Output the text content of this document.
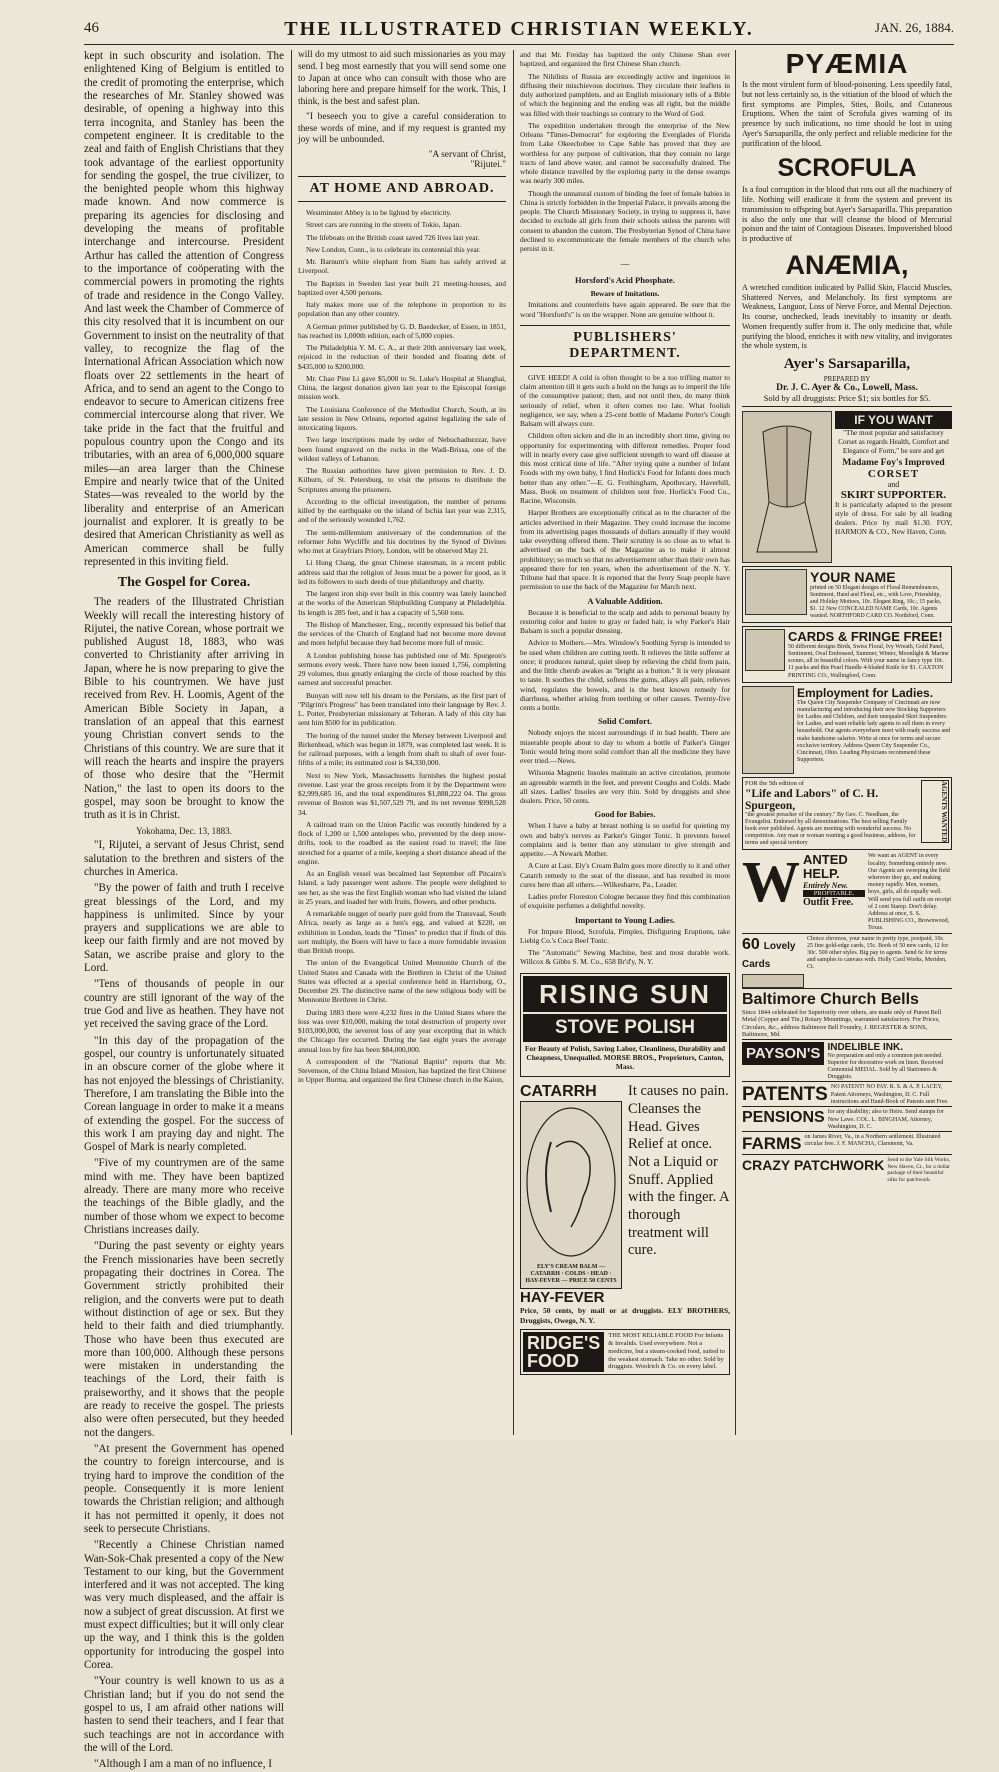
46	THE ILLUSTRATED CHRISTIAN WEEKLY.	JAN. 26, 1884.

kept in such obscurity and isolation. The enlightened King of Belgium is entitled to the credit of promoting the enterprise, which the researches of Mr. Stanley showed was desirable, of opening a highway into this terra incognita, and Stanley has been the competent engineer. It is creditable to the zeal and faith of English Christians that they took advantage of the earliest opportunity for sending the gospel, the true civilizer, to the benighted people whom this highway made known. And now commerce is preparing its agencies for disclosing and developing the means of profitable interchange and intercourse. President Arthur has called the attention of Congress to the importance of coöperating with the commercial powers in promoting the rights of trade and residence in the Congo Valley. And last week the Chamber of Commerce of this city resolved that it is incumbent on our Government to insist on the neutrality of that valley, to recognize the flag of the International African Association which now floats over 22 settlements in the heart of Africa, and to send an agent to the Congo to endeavor to secure to American citizens free commercial intercourse along that river. We take pride in the fact that the fruitful and populous country upon the Congo and its tributaries, with an area of 6,000,000 square miles—an area larger than the Chinese Empire and nearly twice that of the United States—was revealed to the world by the liberality and enterprise of an American journalist and explorer. It is greatly to be desired that American Christianity as well as American commerce shall be fully represented in this inviting field.

The Gospel for Corea.

The readers of the Illustrated Christian Weekly will recall the interesting history of Rijutei, the native Corean, whose portrait we published August 18, 1883, who was converted to Christianity after arriving in Japan, where he is now preparing to give the Bible to his countrymen. We have just received from Rev. H. Loomis, Agent of the American Bible Society in Japan, a translation of an appeal that this earnest young Christian convert sends to the Christians of this country. We are sure that it will reach the hearts and inspire the prayers of those who desire that the "Hermit Nation," the last to open its doors to the gospel, may soon be brought to know the truth as it is in Christ.

Yokohama, Dec. 13, 1883.

"I, Rijutei, a servant of Jesus Christ, send salutation to the brethren and sisters of the churches in America.

"By the power of faith and truth I receive great blessings of the Lord, and my happiness is unlimited. Since by your prayers and supplications we are able to keep our faith firmly and are not moved by Satan, we ascribe praise and glory to the Lord.

"Tens of thousands of people in our country are still ignorant of the way of the true God and live as heathen. They have not yet received the saving grace of the Lord.

"In this day of the propagation of the gospel, our country is unfortunately situated in an obscure corner of the globe where it has not enjoyed the blessings of Christianity. Therefore, I am translating the Bible into the Corean language in order to make it a means of extending the gospel. For the success of this work I am praying day and night. The Gospel of Mark is nearly completed.

"Five of my countrymen are of the same mind with me. They have been baptized already. There are many more who receive the teachings of the Bible gladly, and the number of those whom we expect to become Christians increases daily.

"During the past seventy or eighty years the French missionaries have been secretly propagating their doctrines in Corea. The Government strictly prohibited their religion, and the converts were put to death without distinction of age or sex. But they held to their faith and died triumphantly. Those who have been thus executed are more than 100,000. Although these persons were mistaken in understanding the teachings of the Lord, their faith is praiseworthy, and it shows that the people are ready to receive the gospel. The priests also were often persecuted, but they heeded not the dangers.

"At present the Government has opened the country to foreign intercourse, and is trying hard to improve the condition of the people. Consequently it is more lenient towards the Christian religion; and although it has not permitted it openly, it does not seek to persecute Christians.

"Recently a Chinese Christian named Wan-Sok-Chak presented a copy of the New Testament to our king, but the Government interfered and it was not accepted. The king was very much displeased, and the affair is now a subject of great discussion. At first we must expect difficulties; but it will only clear up the way, and I think this is the golden opportunity for introducing the gospel into Corea.

"Your country is well known to us as a Christian land; but if you do not send the gospel to us, I am afraid other nations will hasten to send their teachers, and I fear that such teachings are not in accordance with the will of the Lord.

"Although I am a man of no influence, I

will do my utmost to aid such missionaries as you may send. I beg most earnestly that you will send some one to Japan at once who can consult with those who are laboring here and prepare himself for the work. This, I think, is the best and safest plan.

"I beseech you to give a careful consideration to these words of mine, and if my request is granted my joy will be unbounded.

"A servant of Christ,
"Rijutei."
AT HOME AND ABROAD.

Westminster Abbey is to be lighted by electricity.

Street cars are running in the streets of Tokio, Japan.

The lifeboats on the British coast saved 726 lives last year.

New London, Conn., is to celebrate its centennial this year.

Mr. Barnum's white elephant from Siam has safely arrived at Liverpool.

The Baptists in Sweden last year built 21 meeting-houses, and baptized over 4,500 persons.

Italy makes more use of the telephone in proportion to its population than any other country.

A German primer published by G. D. Baedecker, of Essen, in 1851, has reached its 1,000th edition, each of 5,000 copies.

The Philadelphia Y. M. C. A., at their 20th anniversary last week, rejoiced in the reduction of their bonded and floating debt of $435,000 to $200,000.

Mr. Chao Pine Li gave $5,000 to St. Luke's Hospital at Shanghai, China, the largest donation given last year to the Episcopal foreign mission work.

The Louisiana Conference of the Methodist Church, South, at its late session in New Orleans, reported against legalizing the sale of intoxicating liquors.

Two large inscriptions made by order of Nebuchadnezzar, have been found engraved on the rocks in the Wadi-Brissa, one of the wildest valleys of Lebanon.

The Russian authorities have given permission to Rev. J. D. Kilburn, of St. Petersburg, to visit the prisons to distribute the Scriptures among the prisoners.

According to the official investigation, the number of persons killed by the earthquake on the island of Ischia last year was 2,315, and of the seriously wounded 1,762.

The semi-millennium anniversary of the condemnation of the reformer John Wycliffe and his doctrines by the Synod of Divines who met at Grayfriars Priory, London, will be observed May 21.

Li Hung Chang, the great Chinese statesman, in a recent public address said that the religion of Jesus must be a power for good, as it led its followers to such deeds of true philanthropy and charity.

The largest iron ship ever built in this country was lately launched at the works of the American Shipbuilding Company at Philadelphia. Its length is 285 feet, and it has a capacity of 5,560 tons.

The Bishop of Manchester, Eng., recently expressed his belief that the services of the Church of England had not become more devout and more helpful because they had become more full of music.

A London publishing house has published one of Mr. Spurgeon's sermons every week. There have now been issued 1,756, completing 29 volumes, thus greatly enlarging the circle of those reached by this earnest and successful preacher.

Bunyan will now tell his dream to the Persians, as the first part of "Pilgrim's Progress" has been translated into their language by Rev. J. L. Potter, Presbyterian missionary at Teheran. A lady of this city has sent him $500 for its publication.

The boring of the tunnel under the Mersey between Liverpool and Birkenhead, which was begun in 1879, was completed last week. It is for railroad purposes, with a length from shaft to shaft of over four-fifths of a mile; its estimated cost is $4,330,000.

Next to New York, Massachusetts furnishes the highest postal revenue. Last year the gross receipts from it by the Department were $2,999,685 16, and the total expenditures $1,888,222 04. The gross revenue of Boston was $1,507,529 79, and its net revenue $998,528 34.

A railroad train on the Union Pacific was recently hindered by a flock of 1,200 or 1,500 antelopes who, prevented by the deep snow-drifts, took to the roadbed as the easiest road to travel; the line stretched for a quarter of a mile, keeping a short distance ahead of the engine.

As an English vessel was becalmed last September off Pitcairn's Island, a lady passenger went ashore. The people were delighted to see her, as she was the first English woman who had visited the island in 25 years, and loaded her with fruits, flowers, and other products.

A remarkable nugget of nearly pure gold from the Transvaal, South Africa, nearly as large as a hen's egg, and valued at $220, on exhibition in London, leads the "Times" to predict that if finds of this sort multiply, the Boers will have to face a more formidable invasion than British troops.

The union of the Evangelical United Mennonite Church of the United States and Canada with the Brethren in Christ of the United States was effected at a special conference held in Harrisburg, O., December 29. The distinctive name of the new religious body will be Mennonite Brethren in Christ.

During 1883 there were 4,232 fires in the United States where the loss was over $10,000, making the total destruction of property over $103,000,000, the severest loss of any year excepting that in which the Chicago fire occurred. During the last eight years the average annual loss by fire has been $84,000,000.

A correspondent of the "National Baptist" reports that Mr. Stevenson, of the China Inland Mission, has baptized the first Chinese in Upper Burma, and organized the first Chinese church in the Kaion,

and that Mr. Freiday has baptized the only Chinese Shan ever baptized, and organized the first Chinese Shan church.

The Nihilists of Russia are exceedingly active and ingenious in diffusing their mischievous doctrines. They circulate their leaflets in duly authorized pamphlets, and an English missionary tells of a Bible of which the beginning and the ending was all right, but the middle was filled with their teachings so contrary to the Word of God.

The expedition undertaken through the enterprise of the New Orleans "Times-Democrat" for exploring the Everglades of Florida from Lake Okeechobee to Cape Sable has proved that they are worthless for any purpose of cultivation, that they contain no large tracts of land above water, and cannot be successfully drained. The whole distance travelled by the exploring party in the dense swamps was nearly 300 miles.

Though the unnatural custom of binding the feet of female babies in China is strictly forbidden in the Imperial Palace, it prevails among the people. The Church Missionary Society, in trying to suppress it, have decided to exclude all girls from their schools unless the parents will consent to abandon the custom. The Presbyterian Synod of China have declined to excommunicate the female members of the church who persist in it.

—
Horsford's Acid Phosphate.
Beware of Imitations.

Imitations and counterfeits have again appeared. Be sure that the word "Horsford's" is on the wrapper. None are genuine without it.

PUBLISHERS' DEPARTMENT.

GIVE HEED! A cold is often thought to be a too trifling matter to claim attention till it gets such a hold on the lungs as to imperil the life of the consumptive patient; then, and not until then, do many think seriously of relief, when it often comes too late. What foolish negligence, we say, when a 25-cent bottle of Madame Porter's Cough Balsam will always cure.

Children often sicken and die in an incredibly short time, giving no opportunity for experimenting with different remedies. Proper food will in nearly every case give sufficient strength to ward off disease at this most critical time of life. "After trying quite a number of Infant Foods with my own baby, I find Horlick's Food for Infants does much better than any other."—E. G. Frothingham, Apothecary, Haverhill, Mass. Book on treatment of children sent free. Horlick's Food Co., Racine, Wisconsin.

Harper Brothers are exceptionally critical as to the character of the articles advertised in their Magazine. They could increase the income from its advertising pages thousands of dollars annually if they would take everything offered them. Their scrutiny is so close as to what is advertised on the back of the Magazine as to make it almost prohibitory; so much so that no advertisement other than their own has appeared there for ten years, when the advertisement of the N. Y. Tribune had that space. It is reported that the Ivory Soap people have permission to use the back of the Magazine for March next.

A Valuable Addition.

Because it is beneficial to the scalp and adds to personal beauty by restoring color and lustre to gray or faded hair, is why Parker's Hair Balsam is such a popular dressing.

Advice to Mothers.—Mrs. Winslow's Soothing Syrup is intended to be used when children are cutting teeth. It relieves the little sufferer at once; it produces natural, quiet sleep by relieving the child from pain, and the little cherub awakes as "bright as a button." It is very pleasant to taste. It soothes the child, softens the gums, allays all pain, relieves wind, regulates the bowels, and is the best known remedy for diarrhoea, whether arising from teething or other causes. Twenty-five cents a bottle.

Solid Comfort.

Nobody enjoys the nicest surroundings if in bad health. There are miserable people about to day to whom a bottle of Parker's Ginger Tonic would bring more solid comfort than all the medicine they have ever tried.—News.

Wilsonia Magnetic Insoles maintain an active circulation, promote an agreeable warmth in the feet, and prevent Coughs and Colds. Made all sizes. Ladies' Insoles are very thin. Sold by druggists and shoe dealers. Price, 50 cents.

Good for Babies.

When I have a baby at breast nothing is so useful for quieting my own and baby's nerves as Parker's Ginger Tonic. It prevents bowel complaints and is better than any stimulant to give strength and appetite.—A Newark Mother.

A Cure at Last. Ely's Cream Balm goes more directly to it and other Catarrh remedy to the seat of the disease, and has resulted in more cures here than all others.—Wilkesbarre, Pa., Leader.

Ladies prefer Floreston Cologne because they find this combination of exquisite perfumes a delightful novelty.

Important to Young Ladies.

For Impure Blood, Scrofula, Pimples, Disfiguring Eruptions, take Liebig Co.'s Coca Beef Tonic.

The "Automatic" Sewing Machine, best and most durable work. Willcox & Gibbs S. M. Co., 658 Br'd'y, N. Y.

RISING SUN
STOVE POLISH

For Beauty of Polish, Saving Labor, Cleanliness, Durability and Cheapness, Unequalled. MORSE BROS., Proprietors, Canton, Mass.

CATARRH
ELY'S CREAM BALM — CATARRH · COLDS · HEAD · HAY-FEVER — PRICE 50 CENTS
HAY-FEVER
It causes no pain. Cleanses the Head. Gives Relief at once. Not a Liquid or Snuff. Applied with the finger. A thorough treatment will cure.

Price, 50 cents, by mail or at druggists. ELY BROTHERS, Druggists, Owego, N. Y.

RIDGE'S FOOD
THE MOST RELIABLE FOOD For Infants & Invalids. Used everywhere. Not a medicine, but a steam-cooked food, suited to the weakest stomach. Take no other. Sold by druggists. Woolrich & Co. on every label.
PYÆMIA

Is the most virulent form of blood-poisoning. Less speedily fatal, but not less certainly so, is the vitiation of the blood of which the first symptoms are Pimples, Sties, Boils, and Cutaneous Eruptions. When the taint of Scrofula gives warning of its presence by such indications, no time should be lost in using Ayer's Sarsaparilla, the only perfect and reliable medicine for the purification of the blood.

SCROFULA

Is a foul corruption in the blood that rots out all the machinery of life. Nothing will eradicate it from the system and prevent its transmission to offspring but Ayer's Sarsaparilla. This preparation is also the only one that will cleanse the blood of Mercurial poison and the taint of Contagious Diseases. Impoverished blood is productive of

ANÆMIA,

A wretched condition indicated by Pallid Skin, Flaccid Muscles, Shattered Nerves, and Melancholy. Its first symptoms are Weakness, Languor, Loss of Nerve Force, and Mental Dejection. Its course, unchecked, leads inevitably to insanity or death. Women frequently suffer from it. The only medicine that, while purifying the blood, enriches it with new vitality, and invigorates the whole system, is

Ayer's Sarsaparilla,
PREPARED BY
Dr. J. C. Ayer & Co., Lowell, Mass.
Sold by all druggists: Price $1; six bottles for $5.
IF YOU WANT

"The most popular and satisfactory Corset as regards Health, Comfort and Elegance of Form," be sure and get

Madame Foy's Improved
CORSET
and
SKIRT SUPPORTER.

It is particularly adapted to the present style of dress. For sale by all leading dealers. Price by mail $1.30. FOY, HARMON & CO., New Haven, Conn.

YOUR NAME
printed on 50 Elegant designs of Floral Remembrances, Sentiment, Hand and Floral, etc., with Love, Friendship, and Holiday Mottoes, 10c. Elegant Ring, 10c.; 15 packs, $1. 12 New CONCEALED NAME Cards, 10c. Agents wanted. NORTHFORD CARD CO. Northford, Conn.
CARDS & FRINGE FREE!
50 different designs Birds, Swiss Floral, Ivy Wreath, Gold Panel, Sentiment, Oval Embossed, Summer, Winter, Moonlight & Marine scenes, all in beautiful colors. With your name in fancy type 10c. 11 packs and this Pearl Handle 4-bladed Knife for $1. CAXTON PRINTING CO., Wallingford, Conn.
Employment for Ladies.
The Queen City Suspender Company of Cincinnati are now manufacturing and introducing their new Stocking Supporters for Ladies and Children, and their unequaled Skirt Suspenders for Ladies, and want reliable lady agents to sell them in every household. Our agents everywhere meet with ready success and make handsome salaries. Write at once for terms and secure exclusive territory. Address Queen City Suspender Co., Cincinnati, Ohio. Leading Physicians recommend these Supporters.
FOR the 5th edition of
"Life and Labors" of C. H. Spurgeon,
"the greatest preacher of the century." By Geo. C. Needham, the Evangelist. Endorsed by all denominations. The best selling Family book ever published. Agents are meeting with wonderful success. No competition. Any man or woman wanting a good business, address, for terms and special territory
AGENTS WANTED
W ANTED HELP.
Entirely New.
PROFITABLE.
Outfit Free.
We want an AGENT in every locality. Something entirely new. Our Agents are sweeping the field wherever they go, and making money rapidly. Men, women, boys, girls, all do equally well. Will send you full outfit on receipt of 2 cent Stamp. Don't delay. Address at once, S. S. PUBLISHING CO., Brownwood, Texas.
60 Lovely Cards
Choice chromos, your name in pretty type, postpaid, 10c. 25 fine gold-edge cards, 15c. Book of 50 new cards, 12 for 30c. 500 other styles. Big pay to agents. Send 6c for terms and samples to canvass with. Holly Card Works, Meriden, Ct.
Baltimore Church Bells
Since 1844 celebrated for Superiority over others, are made only of Purest Bell Metal (Copper and Tin.) Rotary Mountings, warranted satisfactory. For Prices, Circulars, &c., address Baltimore Bell Foundry, J. REGESTER & SONS, Baltimore, Md.
PAYSON'S INDELIBLE INK.
No preparation and only a common pen needed. Superior for decorative work on linen. Received Centennial MEDAL. Sold by all Stationers & Druggists.
PATENTS NO PATENT! NO PAY. R. S. & A. P. LACEY, Patent Attorneys, Washington, D. C. Full instructions and Hand-Book of Patents sent Free.
PENSIONS for any disability; also to Heirs. Send stamps for New Laws. COL. L. BINGHAM, Attorney, Washington, D. C.
FARMS on James River, Va., in a Northern settlement. Illustrated circular free. J. F. MANCHA, Claremont, Va.
CRAZY PATCHWORK Send to the Yale Silk Works, New Haven, Ct., for a dollar package of their beautiful silks for patchwork.
